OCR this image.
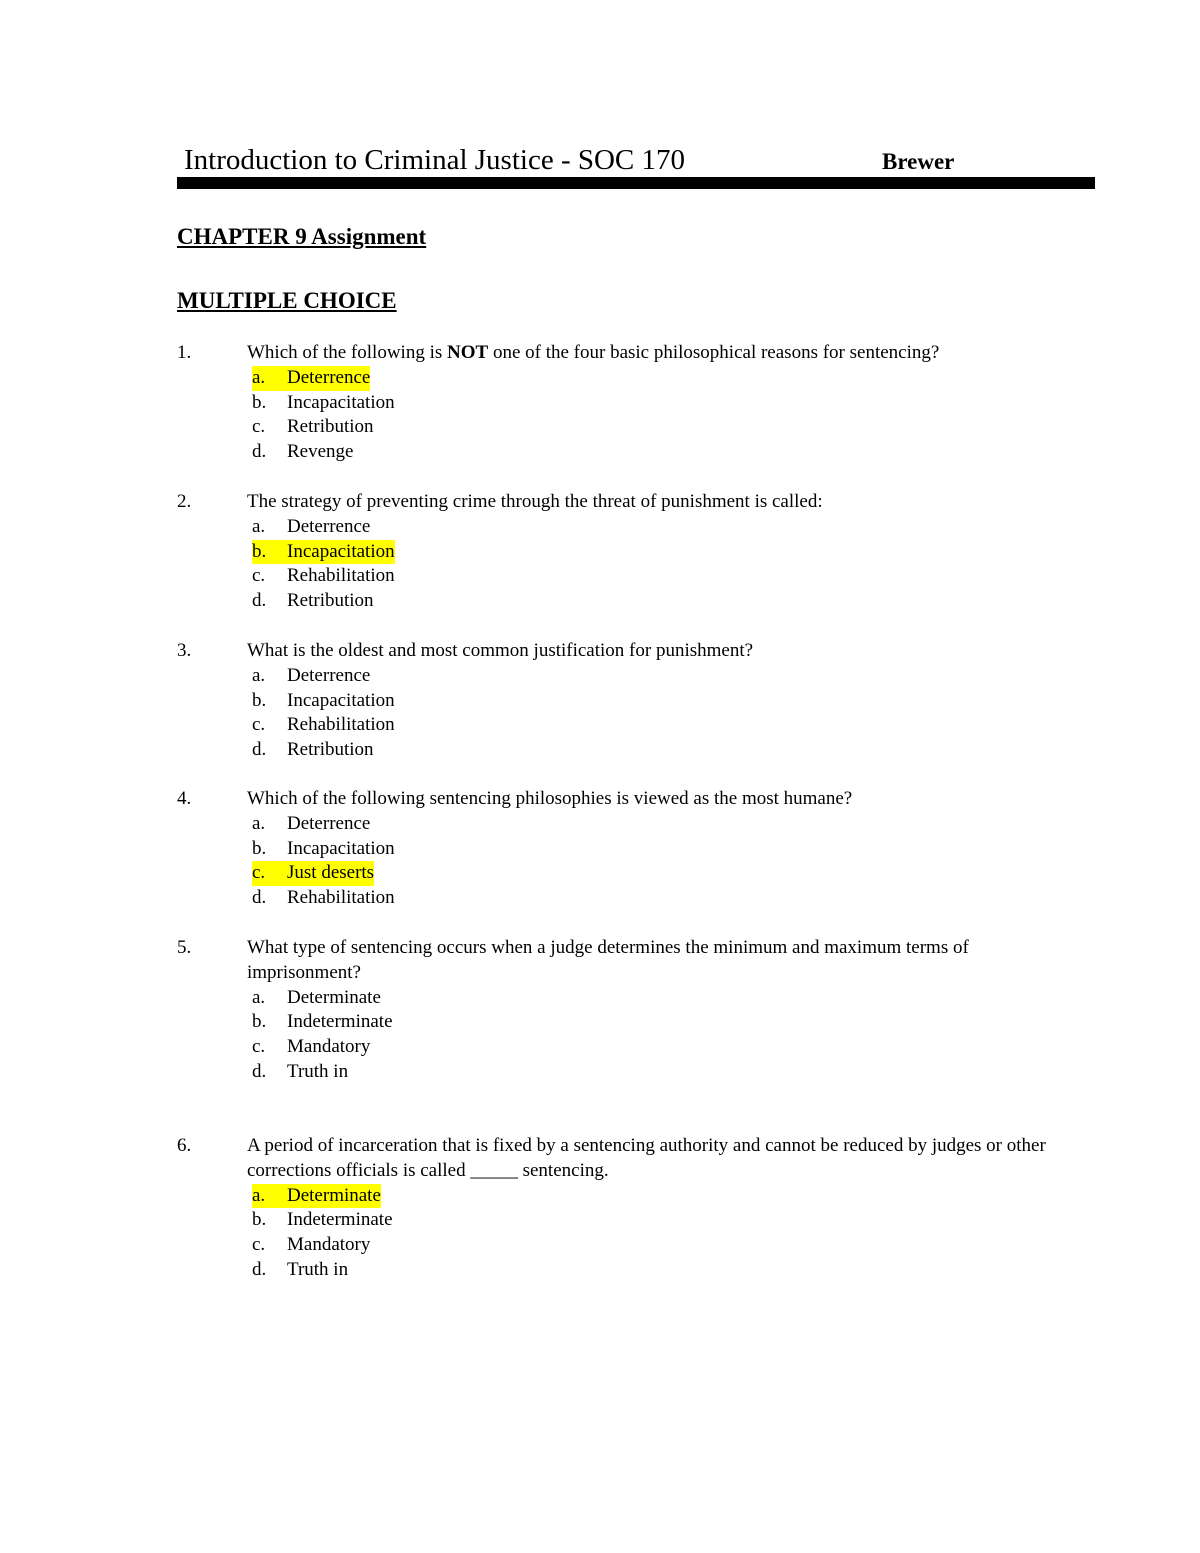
Introduction to Criminal Justice - SOC 170	Brewer
CHAPTER 9 Assignment
MULTIPLE CHOICE
1.	Which of the following is NOT one of the four basic philosophical reasons for sentencing?
a. Deterrence
b. Incapacitation
c. Retribution
d. Revenge
2.	The strategy of preventing crime through the threat of punishment is called:
a. Deterrence
b. Incapacitation
c. Rehabilitation
d. Retribution
3.	What is the oldest and most common justification for punishment?
a. Deterrence
b. Incapacitation
c. Rehabilitation
d. Retribution
4.	Which of the following sentencing philosophies is viewed as the most humane?
a. Deterrence
b. Incapacitation
c. Just deserts
d. Rehabilitation
5.	What type of sentencing occurs when a judge determines the minimum and maximum terms of imprisonment?
a. Determinate
b. Indeterminate
c. Mandatory
d. Truth in
6.	A period of incarceration that is fixed by a sentencing authority and cannot be reduced by judges or other corrections officials is called _____ sentencing.
a. Determinate
b. Indeterminate
c. Mandatory
d. Truth in
